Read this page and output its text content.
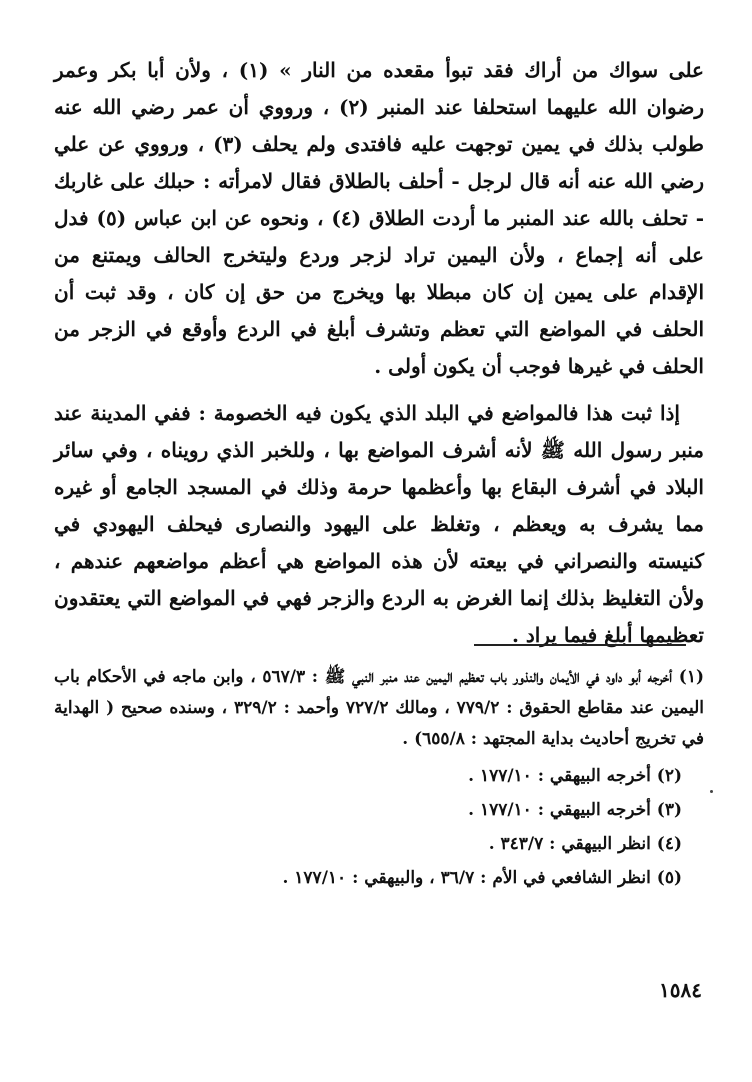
على سواك من أراك فقد تبوأ مقعده من النار » (١) ، ولأن أبا بكر وعمر رضوان الله عليهما استحلفا عند المنبر (٢) ، ورووي أن عمر رضي الله عنه طولب بذلك في يمين توجهت عليه فافتدى ولم يحلف (٣) ، ورووي عن علي رضي الله عنه أنه قال لرجل - أحلف بالطلاق فقال لامرأته : حبلك على غاربك - تحلف بالله عند المنبر ما أردت الطلاق (٤) ، ونحوه عن ابن عباس (٥) فدل على أنه إجماع ، ولأن اليمين تراد لزجر وردع وليتخرج الحالف ويمتنع من الإقدام على يمين إن كان مبطلا بها ويخرج من حق إن كان ، وقد ثبت أن الحلف في المواضع التي تعظم وتشرف أبلغ في الردع وأوقع في الزجر من الحلف في غيرها فوجب أن يكون أولى .

إذا ثبت هذا فالمواضع في البلد الذي يكون فيه الخصومة : ففي المدينة عند منبر رسول الله ﷺ لأنه أشرف المواضع بها ، وللخبر الذي رويناه ، وفي سائر البلاد في أشرف البقاع بها وأعظمها حرمة وذلك في المسجد الجامع أو غيره مما يشرف به ويعظم ، وتغلظ على اليهود والنصارى فيحلف اليهودي في كنيسته والنصراني في بيعته لأن هذه المواضع هي أعظم مواضعهم عندهم ، ولأن التغليظ بذلك إنما الغرض به الردع والزجر فهي في المواضع التي يعتقدون تعظيمها أبلغ فيما يراد .

(١) أخرجه أبو داود في الأيمان والنذور باب تعظيم اليمين عند منبر النبي ﷺ : ٥٦٧/٣ ، وابن ماجه في الأحكام باب اليمين عند مقاطع الحقوق : ٧٧٩/٢ ، ومالك ٧٢٧/٢ وأحمد : ٣٢٩/٢ ، وسنده صحيح ( الهداية في تخريج أحاديث بداية المجتهد : ٦٥٥/٨) .

(٢) أخرجه البيهقي : ١٧٧/١٠ .

(٣) أخرجه البيهقي : ١٧٧/١٠ .

(٤) انظر البيهقي : ٣٤٣/٧ .

(٥) انظر الشافعي في الأم : ٣٦/٧ ، والبيهقي : ١٧٧/١٠ .

١٥٨٤
